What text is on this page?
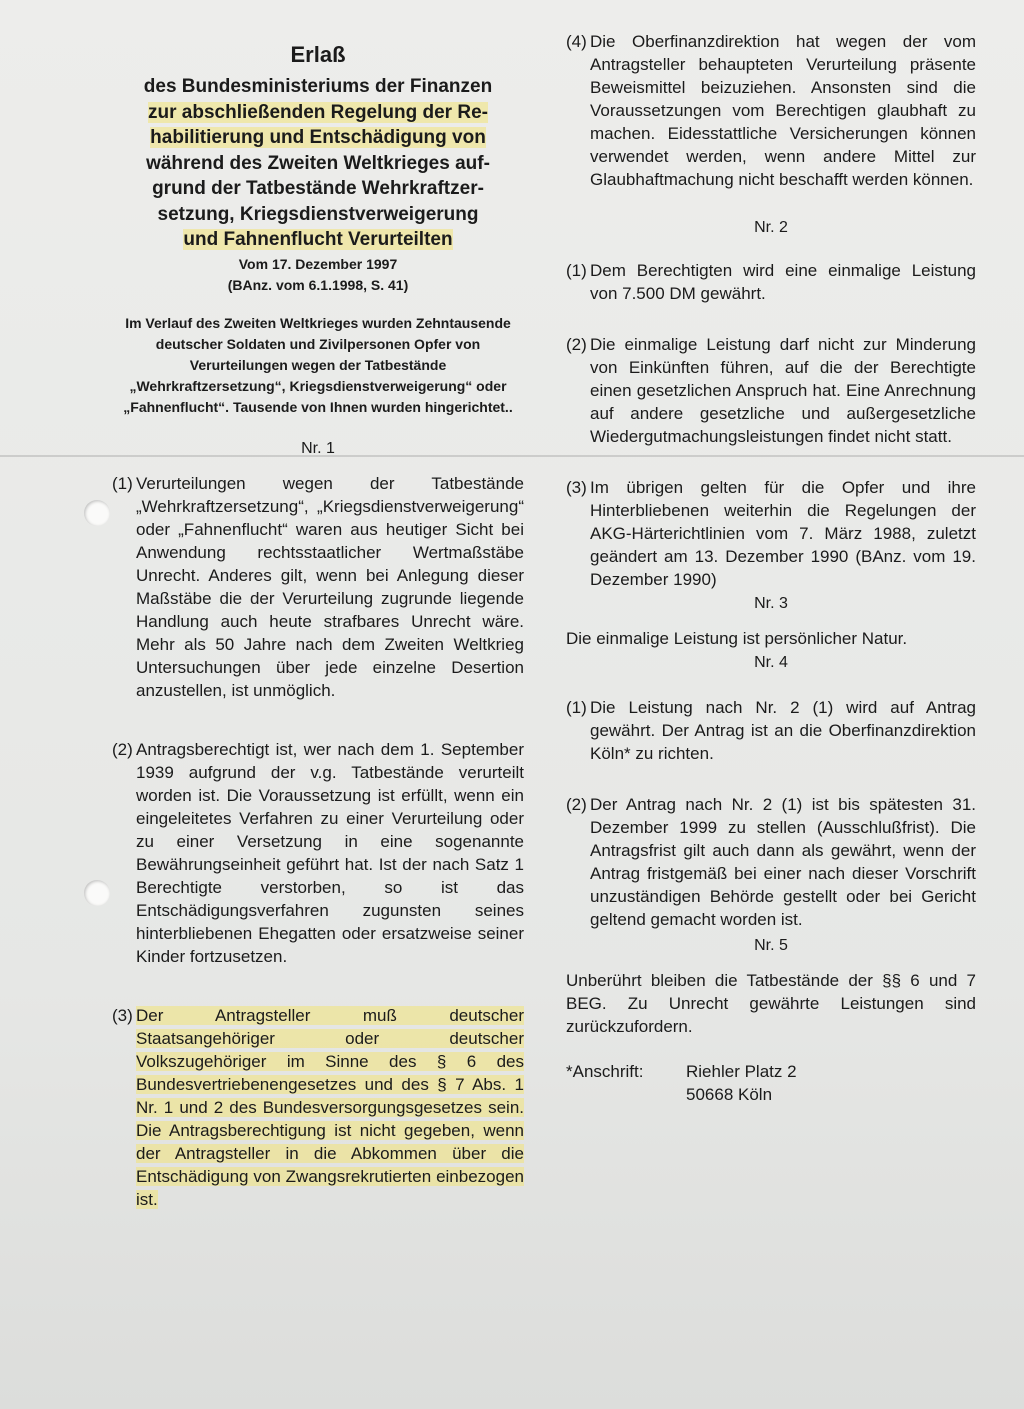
Erlaß

des Bundesministeriums der Finanzen

zur abschließenden Regelung der Re-

habilitierung und Entschädigung von

während des Zweiten Weltkrieges auf-

grund der Tatbestände Wehrkraftzer-

setzung, Kriegsdienstverweigerung

und Fahnenflucht Verurteilten

Vom 17. Dezember 1997

(BAnz. vom 6.1.1998, S. 41)

Im Verlauf des Zweiten Weltkrieges wurden Zehntausende deutscher Soldaten und Zivilpersonen Opfer von Verurteilungen wegen der Tatbestände „Wehrkraftzersetzung“, Kriegsdienstverweigerung“ oder „Fahnenflucht“. Tausende von Ihnen wurden hingerichtet..

Nr. 1

(1) Verurteilungen wegen der Tatbestände „Wehrkraftzersetzung“, „Kriegsdienstverweigerung“ oder „Fahnenflucht“ waren aus heutiger Sicht bei Anwendung rechtsstaatlicher Wertmaßstäbe Unrecht. Anderes gilt, wenn bei Anlegung dieser Maßstäbe die der Verurteilung zugrunde liegende Handlung auch heute strafbares Unrecht wäre. Mehr als 50 Jahre nach dem Zweiten Weltkrieg Untersuchungen über jede einzelne Desertion anzustellen, ist unmöglich.

(2) Antragsberechtigt ist, wer nach dem 1. September 1939 aufgrund der v.g. Tatbestände verurteilt worden ist. Die Voraussetzung ist erfüllt, wenn ein eingeleitetes Verfahren zu einer Verurteilung oder zu einer Versetzung in eine sogenannte Bewährungseinheit geführt hat. Ist der nach Satz 1 Berechtigte verstorben, so ist das Entschädigungsverfahren zugunsten seines hinterbliebenen Ehegatten oder ersatzweise seiner Kinder fortzusetzen.

(3) Der Antragsteller muß deutscher Staatsangehöriger oder deutscher Volkszugehöriger im Sinne des § 6 des Bundesvertriebenengesetzes und des § 7 Abs. 1 Nr. 1 und 2 des Bundesversorgungsgesetzes sein. Die Antragsberechtigung ist nicht gegeben, wenn der Antragsteller in die Abkommen über die Entschädigung von Zwangsrekrutierten einbezogen ist.

(4) Die Oberfinanzdirektion hat wegen der vom Antragsteller behaupteten Verurteilung präsente Beweismittel beizuziehen. Ansonsten sind die Voraussetzungen vom Berechtigen glaubhaft zu machen. Eidesstattliche Versicherungen können verwendet werden, wenn andere Mittel zur Glaubhaftmachung nicht beschafft werden können.

Nr. 2

(1) Dem Berechtigten wird eine einmalige Leistung von 7.500 DM gewährt.

(2) Die einmalige Leistung darf nicht zur Minderung von Einkünften führen, auf die der Berechtigte einen gesetzlichen Anspruch hat. Eine Anrechnung auf andere gesetzliche und außergesetzliche Wiedergutmachungsleistungen findet nicht statt.

(3) Im übrigen gelten für die Opfer und ihre Hinterbliebenen weiterhin die Regelungen der AKG-Härterichtlinien vom 7. März 1988, zuletzt geändert am 13. Dezember 1990 (BAnz. vom 19. Dezember 1990)

Nr. 3

Die einmalige Leistung ist persönlicher Natur.

Nr. 4

(1) Die Leistung nach Nr. 2 (1) wird auf Antrag gewährt. Der Antrag ist an die Oberfinanzdirektion Köln* zu richten.

(2) Der Antrag nach Nr. 2 (1) ist bis spätesten 31. Dezember 1999 zu stellen (Ausschlußfrist). Die Antragsfrist gilt auch dann als gewährt, wenn der Antrag fristgemäß bei einer nach dieser Vorschrift unzuständigen Behörde gestellt oder bei Gericht geltend gemacht worden ist.

Nr. 5

Unberührt bleiben die Tatbestände der §§ 6 und 7 BEG. Zu Unrecht gewährte Leistungen sind zurückzufordern.

*Anschrift:	Riehler Platz 2
50668 Köln
